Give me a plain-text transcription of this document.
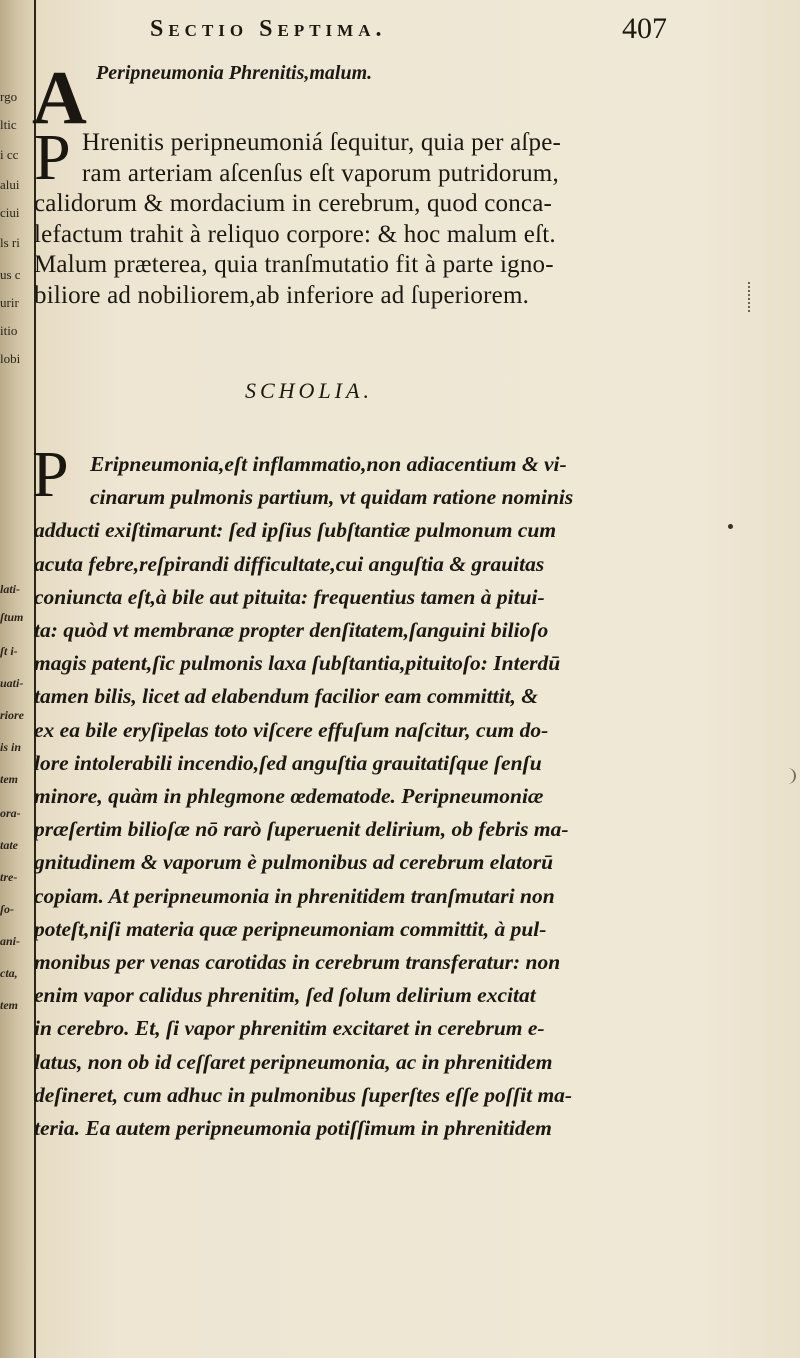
rgo
ltic
i cc
alui
ciui
ls ri
us c
urir
itio
lobi
lati-
ſtum
ſt i-
uati-
riore
is in
tem
ora-
tate
tre-
ſo-
ani-
cta,
tem
Sectio Septima.	407
A Peripneumonia Phrenitis,malum.
P Hrenitis peripneumoniá ſequitur, quia per aſpe-
ram arteriam aſcenſus eſt vaporum putridorum,
calidorum & mordacium in cerebrum, quod conca-
lefactum trahit à reliquo corpore: & hoc malum eſt.
Malum præterea, quia tranſmutatio fit à parte igno-
biliore ad nobiliorem,ab inferiore ad ſuperiorem.
SCHOLIA.
P Eripneumonia,eſt inflammatio,non adiacentium & vi-
cinarum pulmonis partium, vt quidam ratione nominis
adducti exiſtimarunt: ſed ipſius ſubſtantiæ pulmonum cum
acuta febre,reſpirandi difficultate,cui anguſtia & grauitas
coniuncta eſt,à bile aut pituita: frequentius tamen à pitui-
ta: quòd vt membranæ propter denſitatem,ſanguini bilioſo
magis patent,ſic pulmonis laxa ſubſtantia,pituitoſo: Interdū
tamen bilis, licet ad elabendum facilior eam committit, &
ex ea bile eryſipelas toto viſcere effuſum naſcitur, cum do-
lore intolerabili incendio,ſed anguſtia grauitatiſque ſenſu
minore, quàm in phlegmone œdematode. Peripneumoniæ
præſertim bilioſæ nō rarò ſuperuenit delirium, ob febris ma-
gnitudinem & vaporum è pulmonibus ad cerebrum elatorū
copiam. At peripneumonia in phrenitidem tranſmutari non
poteſt,niſi materia quæ peripneumoniam committit, à pul-
monibus per venas carotidas in cerebrum transferatur: non
enim vapor calidus phrenitim, ſed ſolum delirium excitat
in cerebro. Et, ſi vapor phrenitim excitaret in cerebrum e-
latus, non ob id ceſſaret peripneumonia, ac in phrenitidem
deſineret, cum adhuc in pulmonibus ſuperſtes eſſe poſſit ma-
teria. Ea autem peripneumonia potiſſimum in phrenitidem
